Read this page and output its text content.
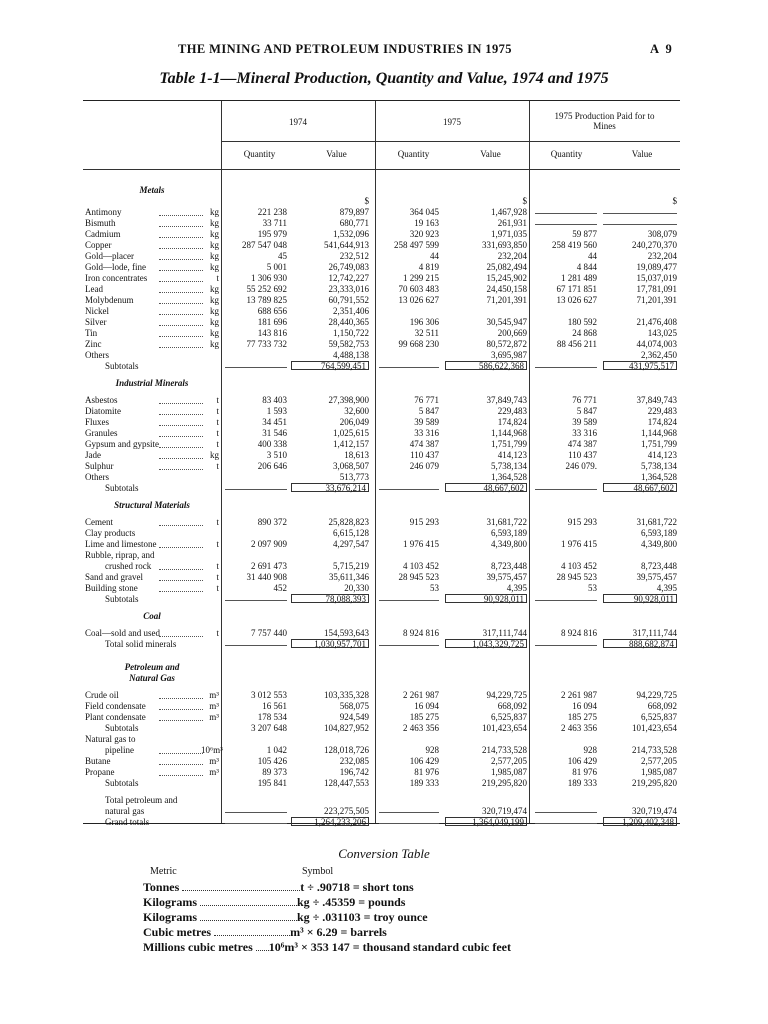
THE MINING AND PETROLEUM INDUSTRIES IN 1975	A 9
Table 1-1—Mineral Production, Quantity and Value, 1974 and 1975
1974	1975
1975 Production Paid for to Mines
Quantity	Value	Quantity	Value	Quantity	Value
Metals
$	$	$
Antimony	kg	221 238	879,897	364 045	1,467,928
Bismuth	kg	33 711	680,771	19 163	261,931
Cadmium	kg	195 979	1,532,096	320 923	1,971,035	59 877	308,079
Copper	kg	287 547 048	541,644,913	258 497 599	331,693,850	258 419 560	240,270,370
Gold—placer	kg	45	232,512	44	232,204	44	232,204
Gold—lode, fine	kg	5 001	26,749,083	4 819	25,082,494	4 844	19,089,477
Iron concentrates	t	1 306 930	12,742,227	1 299 215	15,245,902	1 281 489	15,037,019
Lead	kg	55 252 692	23,333,016	70 603 483	24,450,158	67 171 851	17,781,091
Molybdenum	kg	13 789 825	60,791,552	13 026 627	71,201,391	13 026 627	71,201,391
Nickel	kg	688 656	2,351,406
Silver	kg	181 696	28,440,365	196 306	30,545,947	180 592	21,476,408
Tin	kg	143 816	1,150,722	32 511	200,669	24 868	143,025
Zinc	kg	77 733 732	59,582,753	99 668 230	80,572,872	88 456 211	44,074,003
Others	4,488,138	3,695,987	2,362,450
Subtotals	764,599,451	586,622,368	431,975,517
Industrial Minerals
Asbestos	t	83 403	27,398,900	76 771	37,849,743	76 771	37,849,743
Diatomite	t	1 593	32,600	5 847	229,483	5 847	229,483
Fluxes	t	34 451	206,049	39 589	174,824	39 589	174,824
Granules	t	31 546	1,025,615	33 316	1,144,968	33 316	1,144,968
Gypsum and gypsite	t	400 338	1,412,157	474 387	1,751,799	474 387	1,751,799
Jade	kg	3 510	18,613	110 437	414,123	110 437	414,123
Sulphur	t	206 646	3,068,507	246 079	5,738,134	246 079.	5,738,134
Others	513,773	1,364,528	1,364,528
Subtotals	33,676,214	48,667,602	48,667,602
Structural Materials
Cement	t	890 372	25,828,823	915 293	31,681,722	915 293	31,681,722
Clay products	6,615,128	6,593,189	6,593,189
Lime and limestone	t	2 097 909	4,297,547	1 976 415	4,349,800	1 976 415	4,349,800
Rubble, riprap, and
crushed rock	t	2 691 473	5,715,219	4 103 452	8,723,448	4 103 452	8,723,448
Sand and gravel	t	31 440 908	35,611,346	28 945 523	39,575,457	28 945 523	39,575,457
Building stone	t	452	20,330	53	4,395	53	4,395
Subtotals	78,088,393	90,928,011	90,928,011
Coal
Coal—sold and used	t	7 757 440	154,593,643	8 924 816	317,111,744	8 924 816	317,111,744
Total solid minerals	1,030,957,701	1,043,329,725	888,682,874
Petroleum and
Natural Gas
Crude oil	m³	3 012 553	103,335,328	2 261 987	94,229,725	2 261 987	94,229,725
Field condensate	m³	16 561	568,075	16 094	668,092	16 094	668,092
Plant condensate	m³	178 534	924,549	185 275	6,525,837	185 275	6,525,837
Subtotals	3 207 648	104,827,952	2 463 356	101,423,654	2 463 356	101,423,654
Natural gas to
pipeline	10⁶m³	1 042	128,018,726	928	214,733,528	928	214,733,528
Butane	m³	105 426	232,085	106 429	2,577,205	106 429	2,577,205
Propane	m³	89 373	196,742	81 976	1,985,087	81 976	1,985,087
Subtotals	195 841	128,447,553	189 333	219,295,820	189 333	219,295,820
Total petroleum and
natural gas	223,275,505	320,719,474	320,719,474
Grand totals	1,264,233,206	1,364,049,199	1,209,402,348
Conversion Table
Metric	Symbol
Tonnes	t ÷ .90718 = short tons
Kilograms	kg ÷ .45359 = pounds
Kilograms	kg ÷ .031103 = troy ounce
Cubic metres	m³ × 6.29 = barrels
Millions cubic metres 10⁶m³ × 353 147 = thousand standard cubic feet
